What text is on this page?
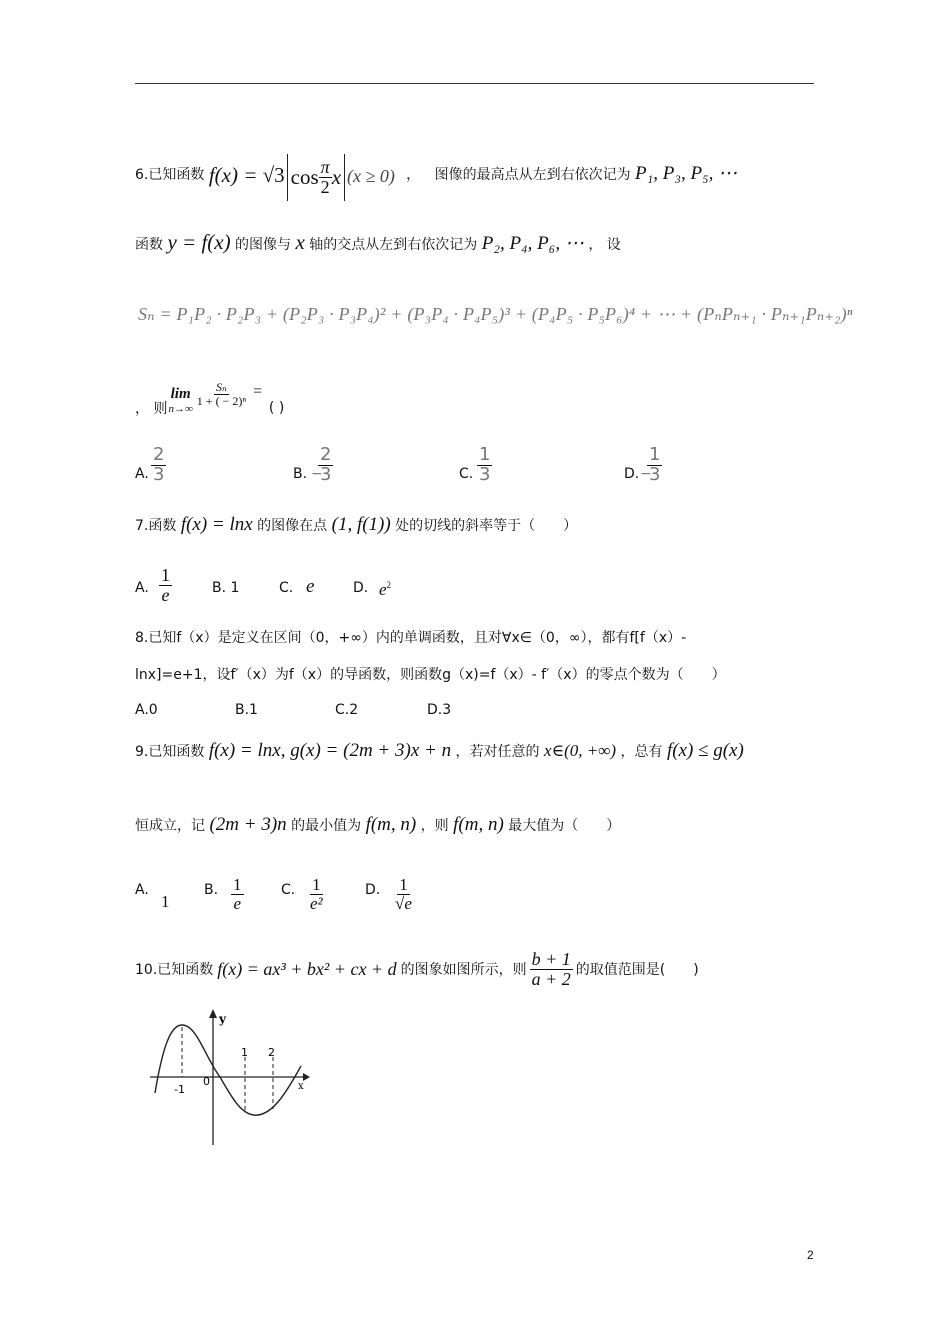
6.已知函数 f(x) = √3 $\cos \frac{\pi}{2}$ x (x ≥ 0) ， 图像的最高点从左到右依次记为 P₁, P₃, P₅, ⋯
函数 y = f(x) 的图像与 x 轴的交点从左到右依次记为 P₂, P₄, P₆, ⋯ ， 设
Sₙ = P₁P₂ · P₂P₃ + (P₂P₃ · P₃P₄)² + (P₃P₄ · P₄P₅)³ + (P₄P₅ · P₅P₆)⁴ + ⋯ + (PₙPₙ₊₁ · Pₙ₊₁Pₙ₊₂)ⁿ
， 则
lim
n→∞
$\frac{\text{Sₙ}}{\text{1 + ( − 2)ⁿ}}$ =
( )
A. $\frac{2}{3}$	B. −
$\frac{2}{3}$	C. $\frac{1}{3}$	D. −
$\frac{1}{3}$
7.函数 f(x) = lnx 的图像在点 (1, f(1)) 处的切线的斜率等于（　　）
A. $\frac{1}{e}$	B. 1	C. e	D. $e^2$
8.已知f（x）是定义在区间（0，+∞）内的单调函数，且对∀x∈（0，∞），都有f[f（x）-
lnx]=e+1，设f′（x）为f（x）的导函数，则函数g（x)=f（x）- f′（x）的零点个数为（　　）
A.0	B.1	C.2	D.3
9.已知函数 f(x) = lnx, g(x) = (2m + 3)x + n ，若对任意的 x∈(0, +∞) ，总有 f(x) ≤ g(x)
恒成立，记 (2m + 3)n 的最小值为 f(m, n) ，则 f(m, n) 最大值为（　　）
A.
1
B. $\frac{1}{e}$	C. $\frac{1}{\text{e²}}$	D. $\frac{1}{√e}$
10.已知函数 f(x) = ax³ + bx² + cx + d 的图象如图所示，则 $\frac{b + 1}{a + 2}$ 的取值范围是(　　)
y
x
0
-1
1 2
2
